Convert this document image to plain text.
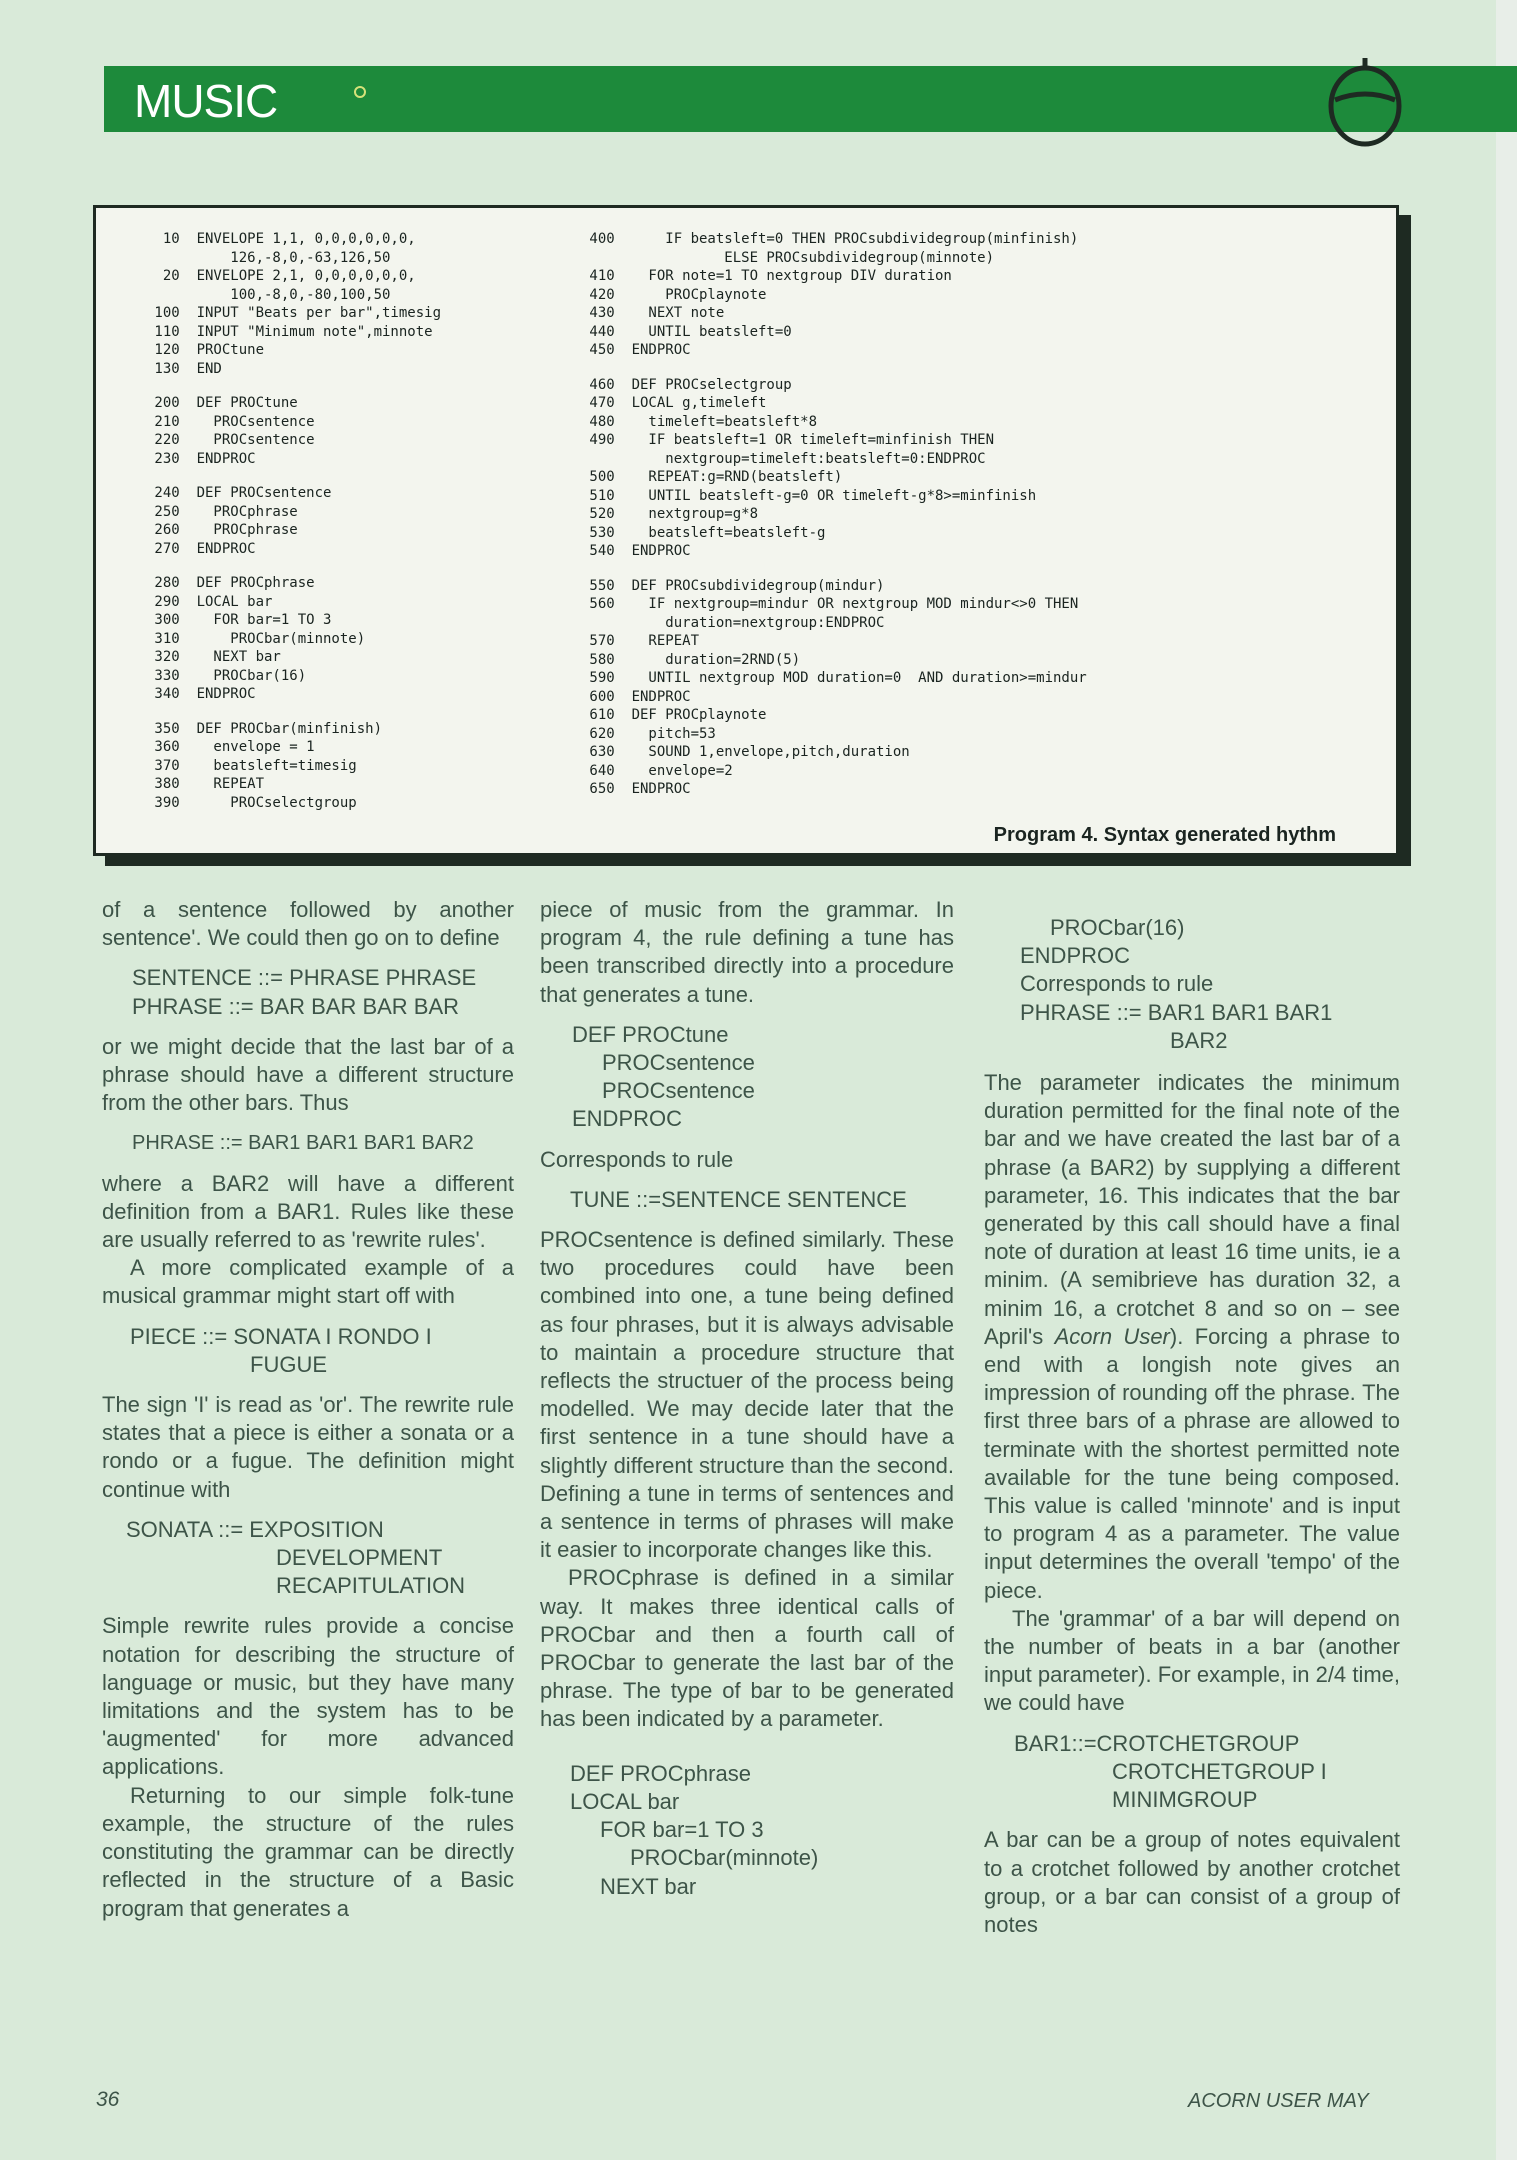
MUSIC
10  ENVELOPE 1,1, 0,0,0,0,0,0,
126,-8,0,-63,126,50
20  ENVELOPE 2,1, 0,0,0,0,0,0,
100,-8,0,-80,100,50
100  INPUT "Beats per bar",timesig
110  INPUT "Minimum note",minnote
120  PROCtune
130  END
200  DEF PROCtune
210    PROCsentence
220    PROCsentence
230  ENDPROC
240  DEF PROCsentence
250    PROCphrase
260    PROCphrase
270  ENDPROC
280  DEF PROCphrase
290  LOCAL bar
300    FOR bar=1 TO 3
310      PROCbar(minnote)
320    NEXT bar
330    PROCbar(16)
340  ENDPROC
350  DEF PROCbar(minfinish)
360    envelope = 1
370    beatsleft=timesig
380    REPEAT
390      PROCselectgroup
400      IF beatsleft=0 THEN PROCsubdividegroup(minfinish)
ELSE PROCsubdividegroup(minnote)
410    FOR note=1 TO nextgroup DIV duration
420      PROCplaynote
430    NEXT note
440    UNTIL beatsleft=0
450  ENDPROC
460  DEF PROCselectgroup
470  LOCAL g,timeleft
480    timeleft=beatsleft*8
490    IF beatsleft=1 OR timeleft=minfinish THEN
nextgroup=timeleft:beatsleft=0:ENDPROC
500    REPEAT:g=RND(beatsleft)
510    UNTIL beatsleft-g=0 OR timeleft-g*8>=minfinish
520    nextgroup=g*8
530    beatsleft=beatsleft-g
540  ENDPROC
550  DEF PROCsubdividegroup(mindur)
560    IF nextgroup=mindur OR nextgroup MOD mindur<>0 THEN
duration=nextgroup:ENDPROC
570    REPEAT
580      duration=2RND(5)
590    UNTIL nextgroup MOD duration=0  AND duration>=mindur
600  ENDPROC
610  DEF PROCplaynote
620    pitch=53
630    SOUND 1,envelope,pitch,duration
640    envelope=2
650  ENDPROC
Program 4. Syntax generated hythm

of a sentence followed by another sentence'. We could then go on to define

SENTENCE ::= PHRASE PHRASE
PHRASE ::= BAR BAR BAR BAR

or we might decide that the last bar of a phrase should have a different structure from the other bars. Thus

PHRASE ::= BAR1 BAR1 BAR1 BAR2

where a BAR2 will have a different definition from a BAR1. Rules like these are usually referred to as 'rewrite rules'.

A more complicated example of a musical grammar might start off with

PIECE ::= SONATA I RONDO I
FUGUE

The sign 'I' is read as 'or'. The rewrite rule states that a piece is either a sonata or a rondo or a fugue. The definition might continue with

SONATA ::= EXPOSITION
DEVELOPMENT
RECAPITULATION

Simple rewrite rules provide a concise notation for describing the structure of language or music, but they have many limitations and the system has to be 'augmented' for more advanced applications.

Returning to our simple folk-tune example, the structure of the rules constituting the grammar can be directly reflected in the structure of a Basic program that generates a

piece of music from the grammar. In program 4, the rule defining a tune has been transcribed directly into a procedure that generates a tune.

DEF PROCtune
PROCsentence
PROCsentence
ENDPROC

Corresponds to rule

TUNE ::=SENTENCE SENTENCE

PROCsentence is defined similarly. These two procedures could have been combined into one, a tune being defined as four phrases, but it is always advisable to maintain a procedure structure that reflects the structuer of the process being modelled. We may decide later that the first sentence in a tune should have a slightly different structure than the second. Defining a tune in terms of sentences and a sentence in terms of phrases will make it easier to incorporate changes like this.

PROCphrase is defined in a similar way. It makes three identical calls of PROCbar and then a fourth call of PROCbar to generate the last bar of the phrase. The type of bar to be generated has been indicated by a parameter.

DEF PROCphrase
LOCAL bar
FOR bar=1 TO 3
PROCbar(minnote)
NEXT bar
PROCbar(16)
ENDPROC
Corresponds to rule
PHRASE ::= BAR1 BAR1 BAR1
BAR2

The parameter indicates the minimum duration permitted for the final note of the bar and we have created the last bar of a phrase (a BAR2) by supplying a different parameter, 16. This indicates that the bar generated by this call should have a final note of duration at least 16 time units, ie a minim. (A semibrieve has duration 32, a minim 16, a crotchet 8 and so on – see April's Acorn User). Forcing a phrase to end with a longish note gives an impression of rounding off the phrase. The first three bars of a phrase are allowed to terminate with the shortest permitted note available for the tune being composed. This value is called 'minnote' and is input to program 4 as a parameter. The value input determines the overall 'tempo' of the piece.

The 'grammar' of a bar will depend on the number of beats in a bar (another input parameter). For example, in 2/4 time, we could have

BAR1::=CROTCHETGROUP
CROTCHETGROUP I
MINIMGROUP

A bar can be a group of notes equivalent to a crotchet followed by another crotchet group, or a bar can consist of a group of notes

36	ACORN USER MAY
